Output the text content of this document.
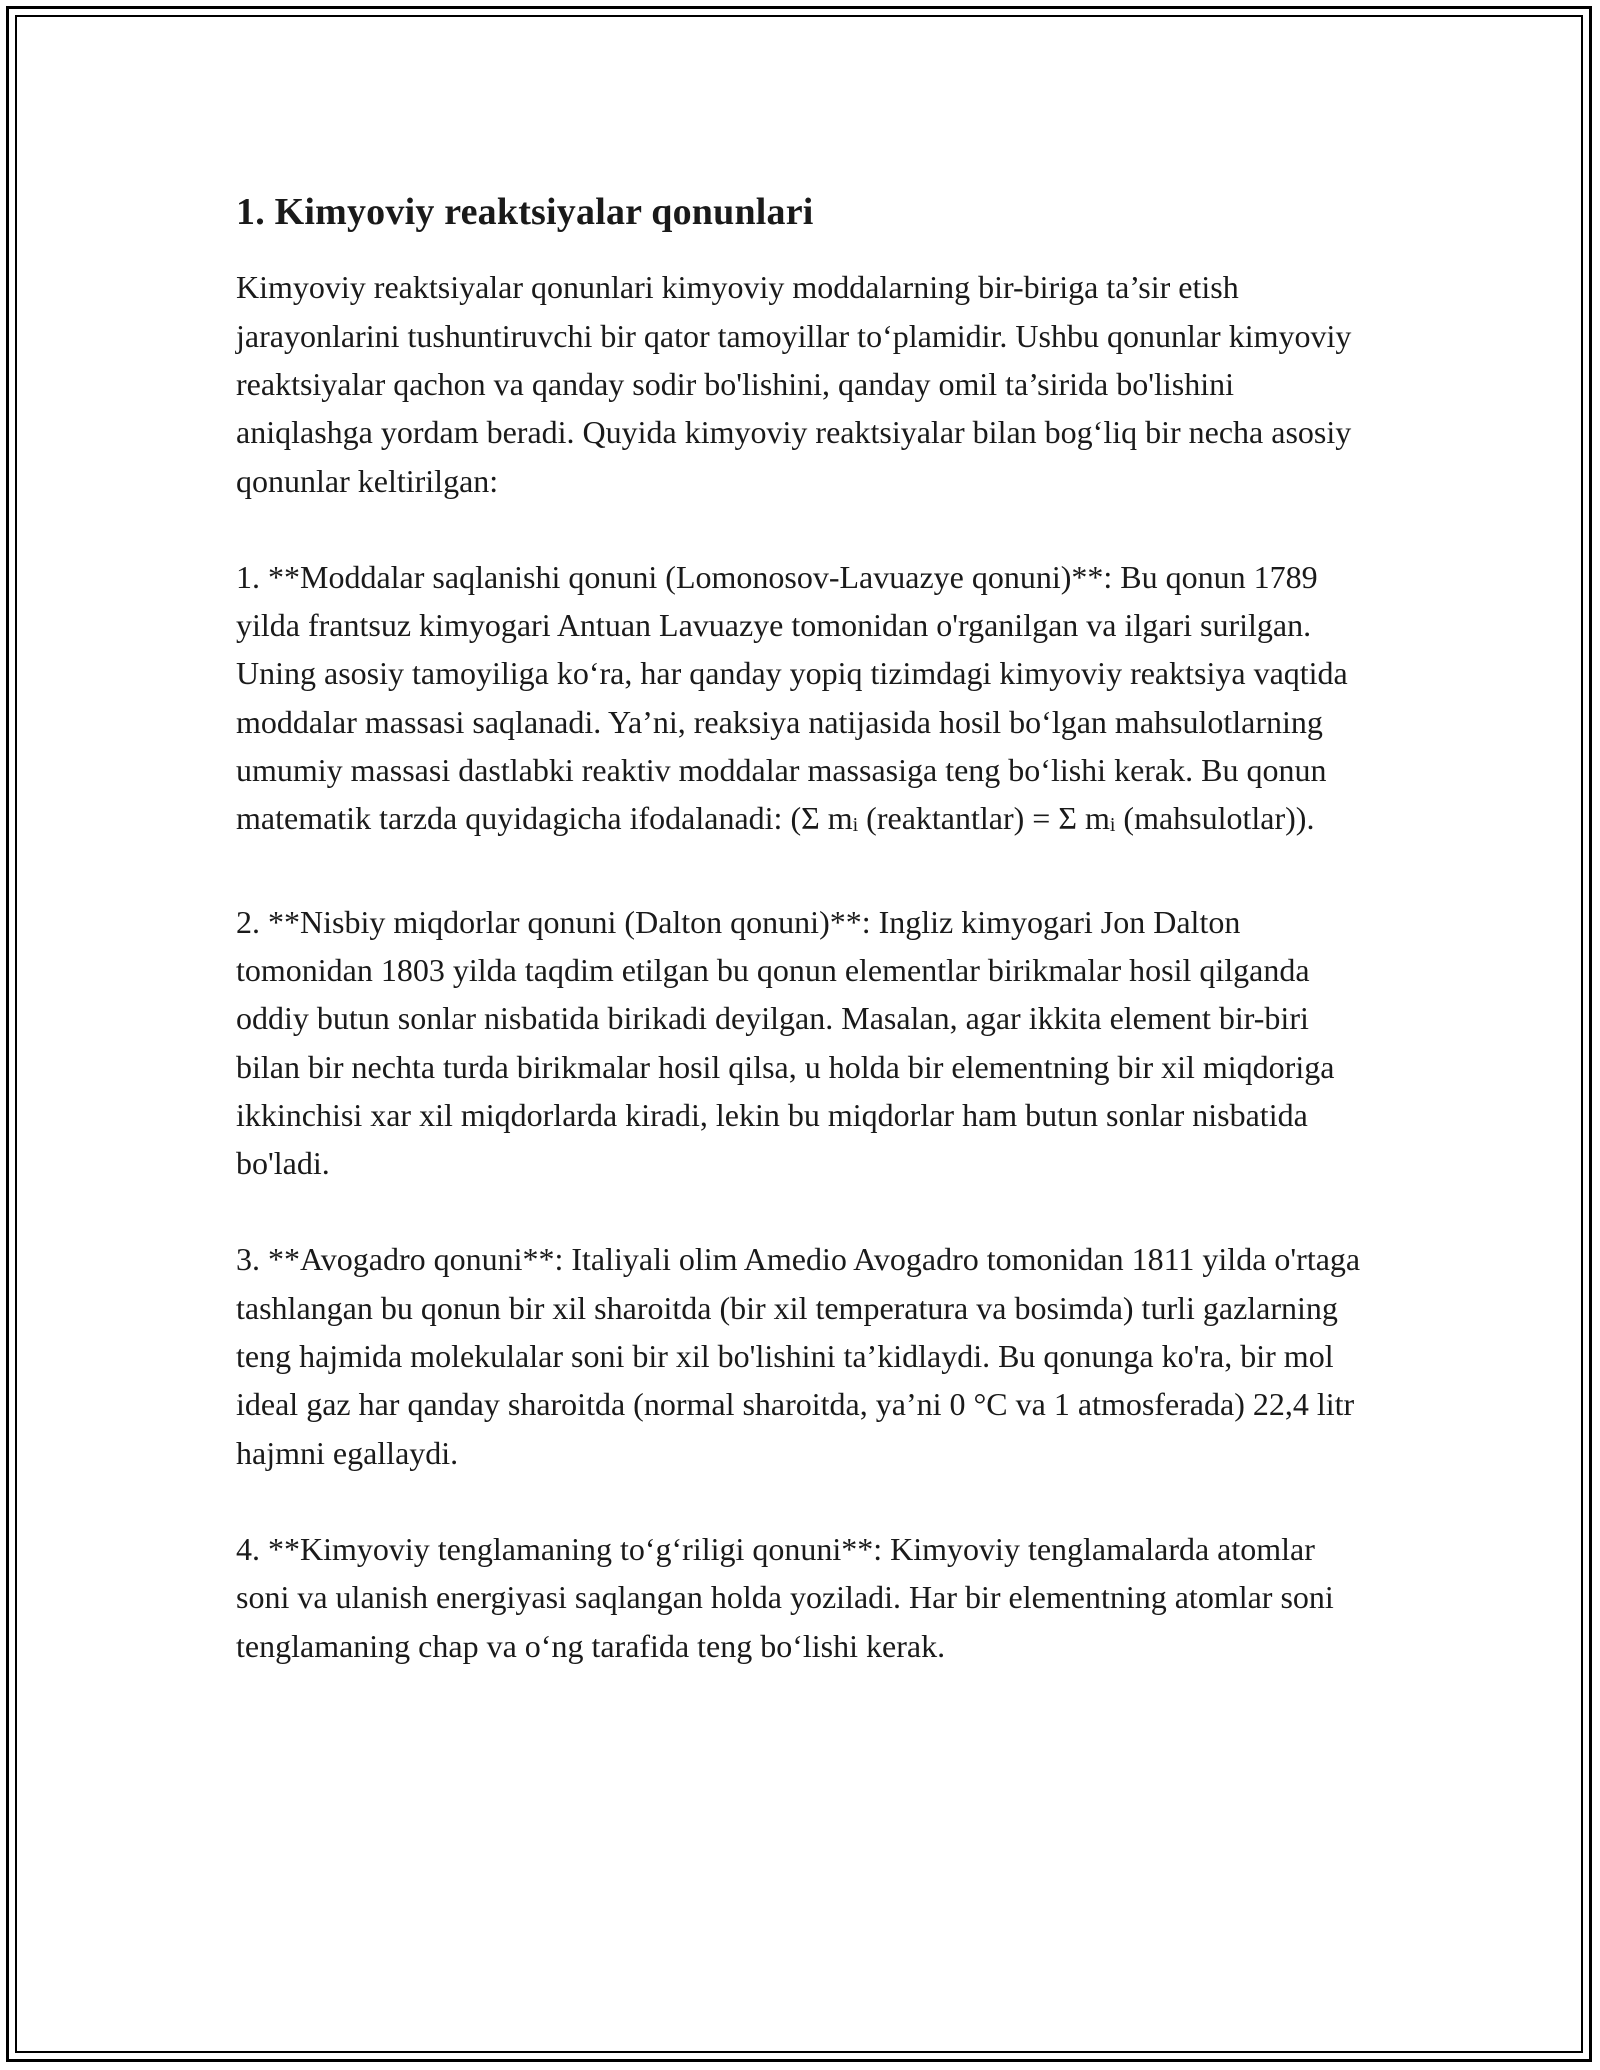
1. Kimyoviy reaktsiyalar qonunlari

Kimyoviy reaktsiyalar qonunlari kimyoviy moddalarning bir-biriga ta’sir etish jarayonlarini tushuntiruvchi bir qator tamoyillar to‘plamidir. Ushbu qonunlar kimyoviy reaktsiyalar qachon va qanday sodir bo'lishini, qanday omil ta’sirida bo'lishini aniqlashga yordam beradi. Quyida kimyoviy reaktsiyalar bilan bog‘liq bir necha asosiy qonunlar keltirilgan:

1. **Moddalar saqlanishi qonuni (Lomonosov-Lavuazye qonuni)**: Bu qonun 1789 yilda frantsuz kimyogari Antuan Lavuazye tomonidan o'rganilgan va ilgari surilgan. Uning asosiy tamoyiliga ko‘ra, har qanday yopiq tizimdagi kimyoviy reaktsiya vaqtida moddalar massasi saqlanadi. Ya’ni, reaksiya natijasida hosil bo‘lgan mahsulotlarning umumiy massasi dastlabki reaktiv moddalar massasiga teng bo‘lishi kerak. Bu qonun matematik tarzda quyidagicha ifodalanadi: (Σ $m_i$ (reaktantlar) = Σ $m_i$ (mahsulotlar)).

2. **Nisbiy miqdorlar qonuni (Dalton qonuni)**: Ingliz kimyogari Jon Dalton tomonidan 1803 yilda taqdim etilgan bu qonun elementlar birikmalar hosil qilganda oddiy butun sonlar nisbatida birikadi deyilgan. Masalan, agar ikkita element bir-biri bilan bir nechta turda birikmalar hosil qilsa, u holda bir elementning bir xil miqdoriga ikkinchisi xar xil miqdorlarda kiradi, lekin bu miqdorlar ham butun sonlar nisbatida bo'ladi.

3. **Avogadro qonuni**: Italiyali olim Amedio Avogadro tomonidan 1811 yilda o'rtaga tashlangan bu qonun bir xil sharoitda (bir xil temperatura va bosimda) turli gazlarning teng hajmida molekulalar soni bir xil bo'lishini ta’kidlaydi. Bu qonunga ko'ra, bir mol ideal gaz har qanday sharoitda (normal sharoitda, ya’ni 0 °C va 1 atmosferada) 22,4 litr hajmni egallaydi.

4. **Kimyoviy tenglamaning to‘g‘riligi qonuni**: Kimyoviy tenglamalarda atomlar soni va ulanish energiyasi saqlangan holda yoziladi. Har bir elementning atomlar soni tenglamaning chap va o‘ng tarafida teng bo‘lishi kerak.
